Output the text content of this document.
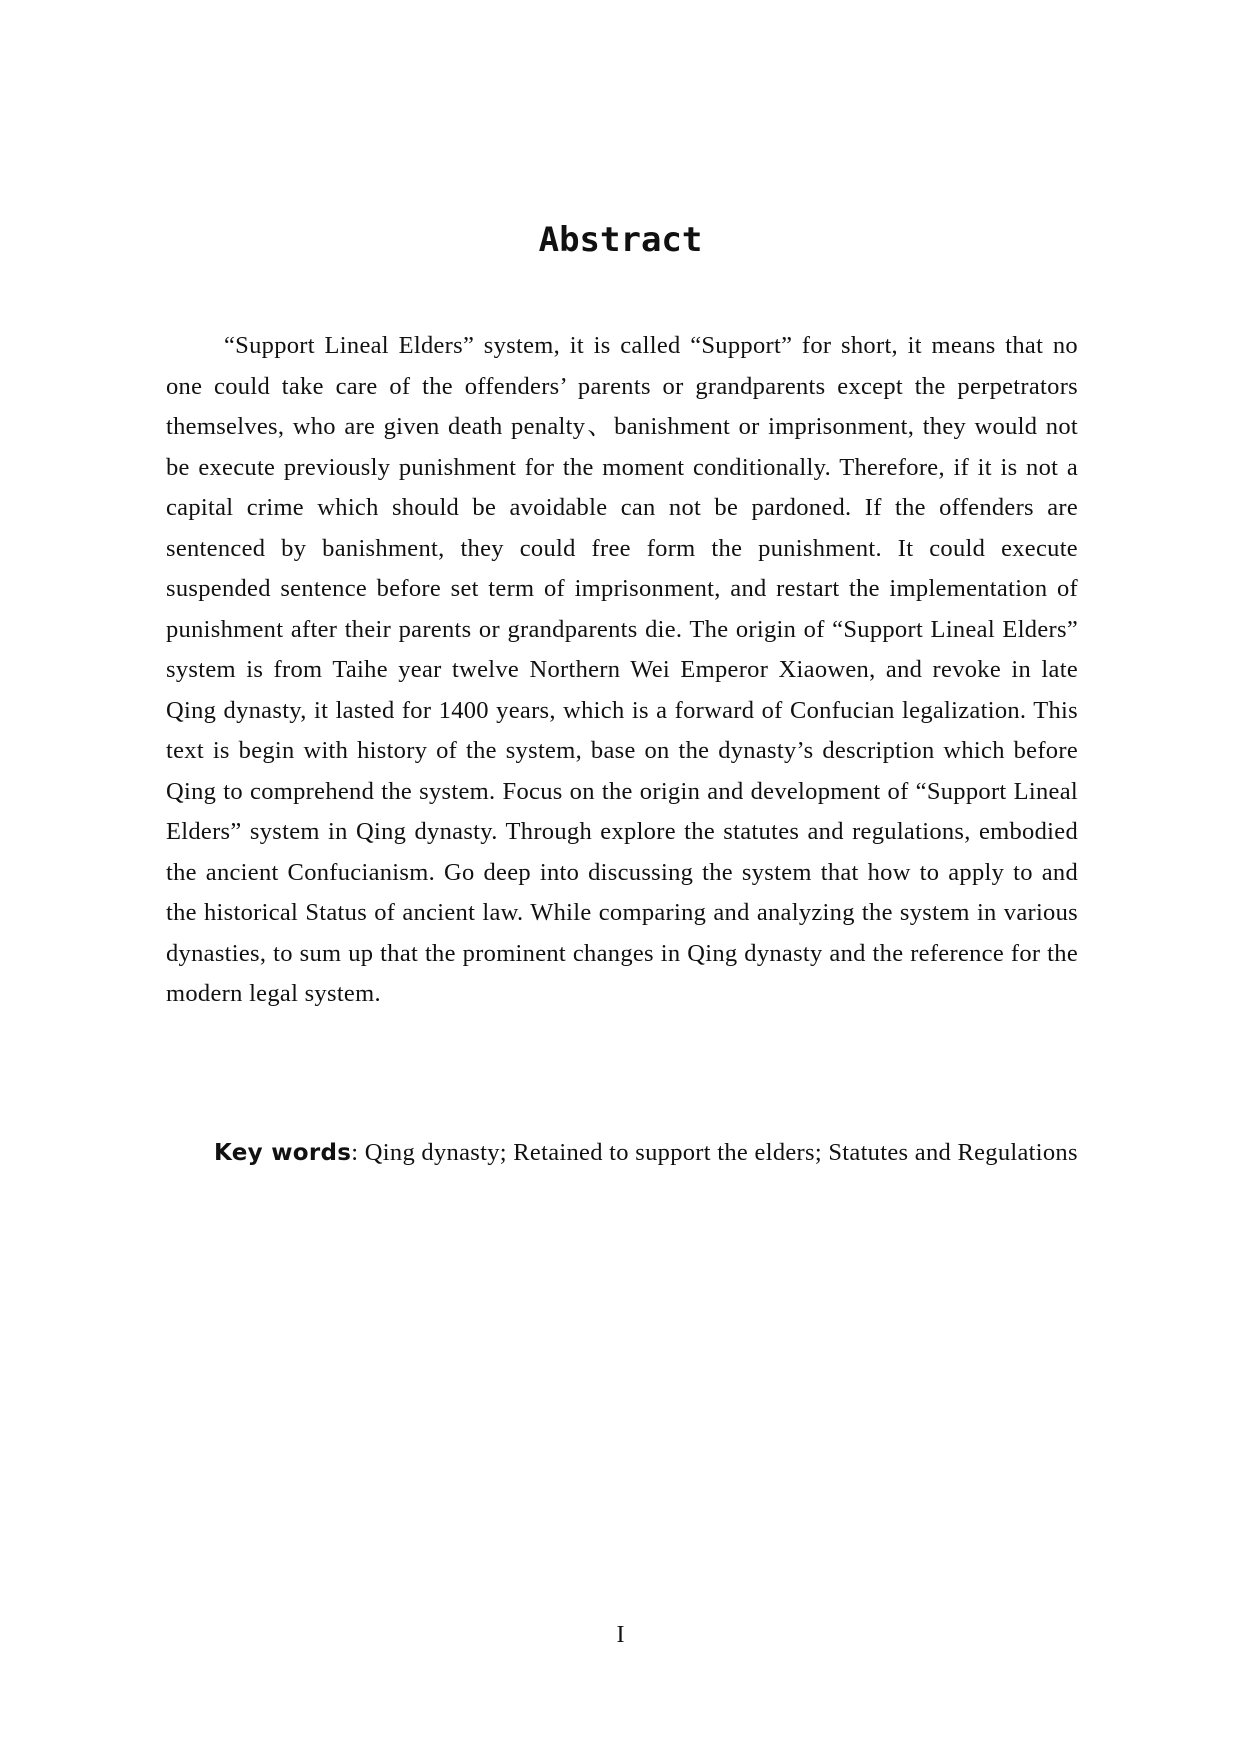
Abstract

“Support Lineal Elders” system, it is called “Support” for short, it means that no one could take care of the offenders’ parents or grandparents except the perpetrators themselves, who are given death penalty、banishment or imprisonment, they would not be execute previously punishment for the moment conditionally. Therefore, if it is not a capital crime which should be avoidable can not be pardoned. If the offenders are sentenced by banishment, they could free form the punishment. It could execute suspended sentence before set term of imprisonment, and restart the implementation of punishment after their parents or grandparents die. The origin of “Support Lineal Elders” system is from Taihe year twelve Northern Wei Emperor Xiaowen, and revoke in late Qing dynasty, it lasted for 1400 years, which is a forward of Confucian legalization. This text is begin with history of the system, base on the dynasty’s description which before Qing to comprehend the system. Focus on the origin and development of “Support Lineal Elders” system in Qing dynasty. Through explore the statutes and regulations, embodied the ancient Confucianism. Go deep into discussing the system that how to apply to and the historical Status of ancient law. While comparing and analyzing the system in various dynasties, to sum up that the prominent changes in Qing dynasty and the reference for the modern legal system.

Key words: Qing dynasty; Retained to support the elders; Statutes and Regulations

I
